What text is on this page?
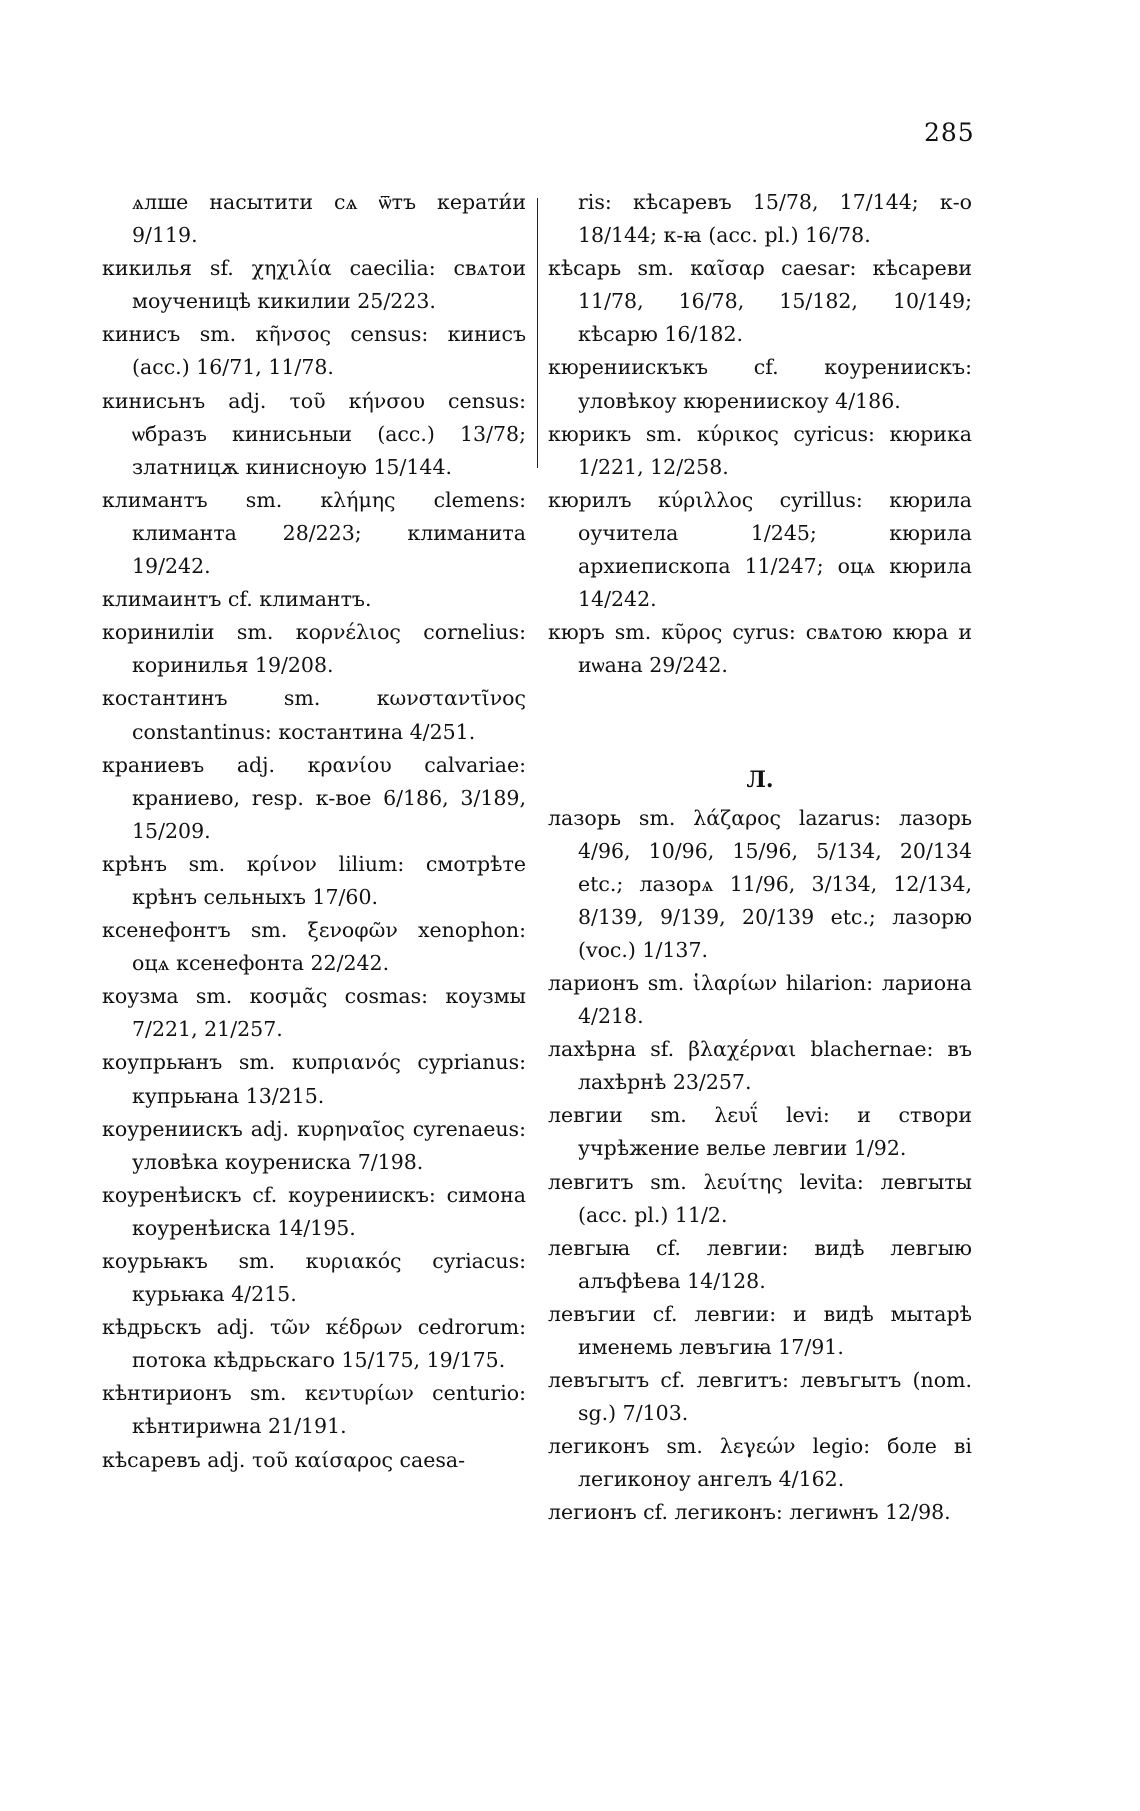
285

ѧлше насытити сѧ ѿтъ керати́и 9/119.

кикилья sf. χηχιλία caecilia: свѧтои моученицѣ кикилии 25/223.

кинисъ sm. κῆνσος census: кинисъ (acc.) 16/71, 11/78.

кинисьнъ adj. τοῦ κήνσου census: ѡбразъ кинисьныи (acc.) 13/78; златницѫ кинисноую 15/144.

климантъ sm. κλήμης clemens: климанта 28/223; климанита 19/242.

климаинтъ cf. климантъ.

кориниліи sm. κορνέλιος cornelius: коринилья 19/208.

костантинъ sm. κωνσταντῖνος constantinus: костантина 4/251.

краниевъ adj. κρανίου calvariae: краниево, resp. к-вое 6/186, 3/189, 15/209.

крѣнъ sm. κρίνον lilium: смотрѣте крѣнъ сельныхъ 17/60.

ксенефонтъ sm. ξενοφῶν xenophon: оцѧ ксенефонта 22/242.

коузма sm. κοσμᾶς cosmas: коузмы 7/221, 21/257.

коупрьꙗнъ sm. κυπριανός cyprianus: купрьꙗна 13/215.

коурениискъ adj. κυρηναῖος cyrenaeus: уловѣка коурениска 7/198.

коуренѣискъ cf. коурениискъ: симона коуренѣиска 14/195.

коурьꙗкъ sm. κυριακός cyriacus: курьꙗка 4/215.

кѣдрьскъ adj. τῶν κέδρων cedrorum: потока кѣдрьскаго 15/175, 19/175.

кѣнтирионъ sm. κεντυρίων centurio: кѣнтириѡна 21/191.

кѣсаревъ adj. τοῦ καίσαρος caesa-

ris: кѣсаревъ 15/78, 17/144; к-о 18/144; к-ꙗ (acc. pl.) 16/78.

кѣсарь sm. καῖσαρ caesar: кѣсареви 11/78, 16/78, 15/182, 10/149; кѣсарю 16/182.

кюрениискъкъ cf. коурениискъ: уловѣкоу кюрениискоу 4/186.

кюрикъ sm. κύρικος cyricus: кюрика 1/221, 12/258.

кюрилъ κύριλλος cyrillus: кюрила оучитела 1/245; кюрила архиепископа 11/247; оцѧ кюрила 14/242.

кюръ sm. κῦρος cyrus: свѧтою кюра и иѡана 29/242.

Л.

лазорь sm. λάζαρος lazarus: лазорь 4/96, 10/96, 15/96, 5/134, 20/134 etc.; лазорѧ 11/96, 3/134, 12/134, 8/139, 9/139, 20/139 etc.; лазорю (voc.) 1/137.

ларионъ sm. ἱλαρίων hilarion: лариона 4/218.

лахѣрна sf. βλαχέρναι blachernae: въ лахѣрнѣ 23/257.

левгии sm. λευΐ levi: и створи учрѣжение велье левгии 1/92.

левгитъ sm. λευίτης levita: левгыты (acc. pl.) 11/2.

левгыꙗ cf. левгии: видѣ левгыю алъфѣева 14/128.

левъгии cf. левгии: и видѣ мытарѣ именемь левъгиꙗ 17/91.

левъгытъ cf. левгитъ: левъгытъ (nom. sg.) 7/103.

легиконъ sm. λεγεών legio: боле ві легиконоу ангелъ 4/162.

легионъ cf. легиконъ: легиѡнъ 12/98.
